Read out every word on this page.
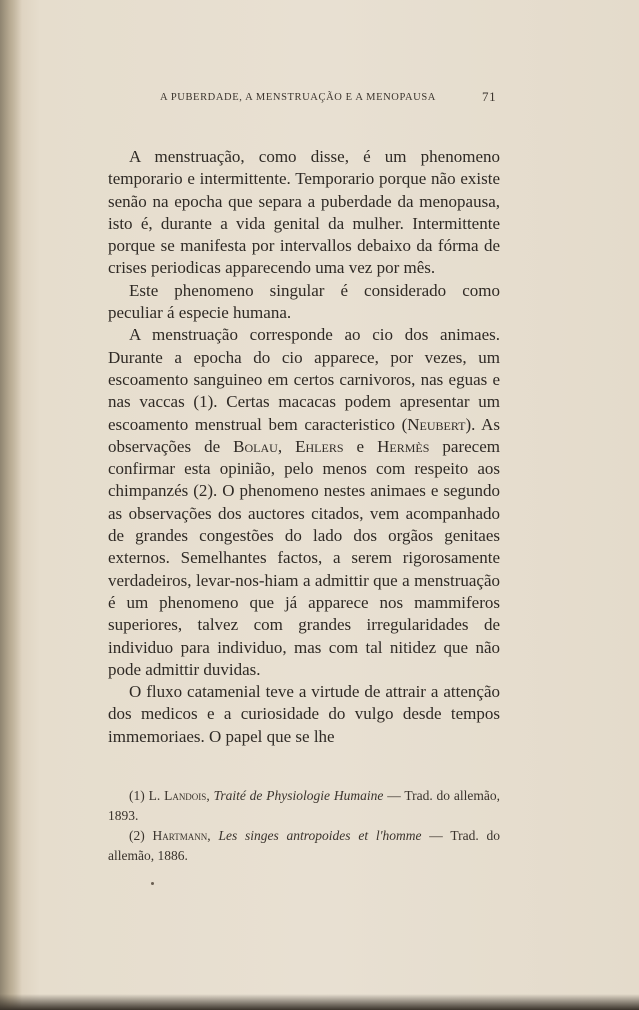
A PUBERDADE, A MENSTRUAÇÃO E A MENOPAUSA	71

A menstruação, como disse, é um phenomeno temporario e intermittente. Temporario porque não existe senão na epocha que separa a puberdade da menopausa, isto é, durante a vida genital da mulher. Intermittente porque se manifesta por intervallos debaixo da fórma de crises periodicas apparecendo uma vez por mês.

Este phenomeno singular é considerado como peculiar á especie humana.

A menstruação corresponde ao cio dos animaes. Durante a epocha do cio apparece, por vezes, um escoamento sanguineo em certos carnivoros, nas eguas e nas vaccas (1). Certas macacas podem apresentar um escoamento menstrual bem caracteristico (Neubert). As observações de Bolau, Ehlers e Hermès parecem confirmar esta opinião, pelo menos com respeito aos chimpanzés (2). O phenomeno nestes animaes e segundo as observações dos auctores citados, vem acompanhado de grandes congestões do lado dos orgãos genitaes externos. Semelhantes factos, a serem rigorosamente verdadeiros, levar-nos-hiam a admittir que a menstruação é um phenomeno que já apparece nos mammiferos superiores, talvez com grandes irregularidades de individuo para individuo, mas com tal nitidez que não pode admittir duvidas.

O fluxo catamenial teve a virtude de attrair a attenção dos medicos e a curiosidade do vulgo desde tempos immemoriaes. O papel que se lhe

(1) L. Landois, Traité de Physiologie Humaine — Trad. do allemão, 1893.

(2) Hartmann, Les singes antropoides et l'homme — Trad. do allemão, 1886.
